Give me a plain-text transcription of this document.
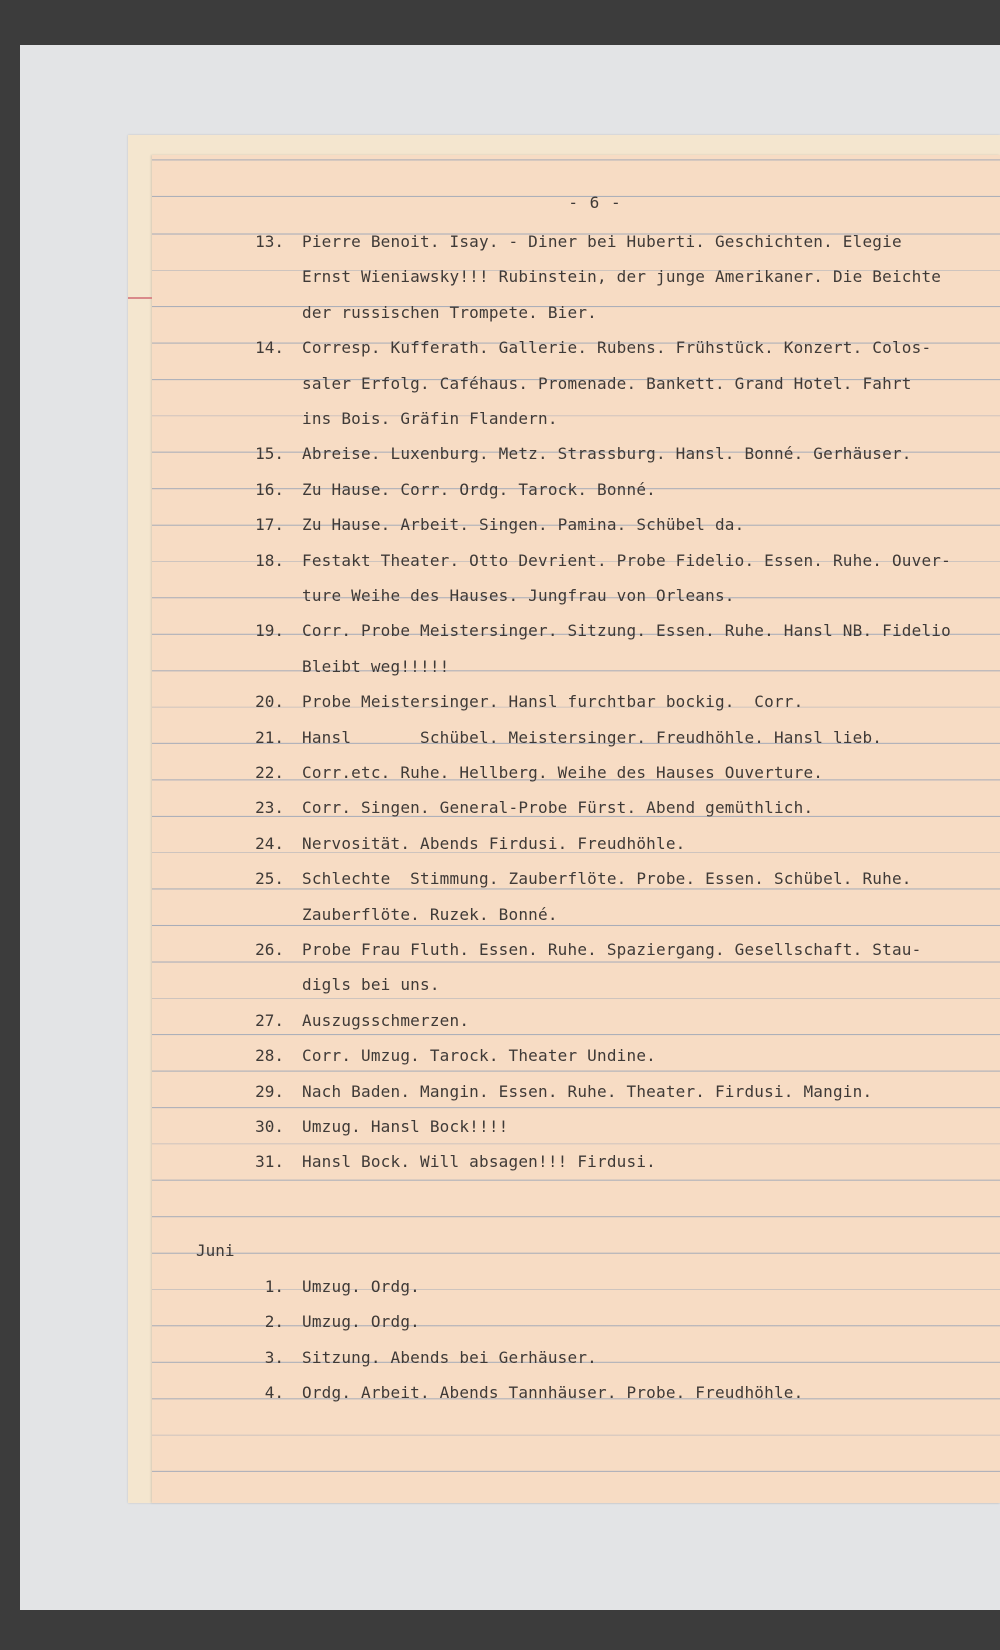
- 6 -
13. Pierre Benoit. Isay. - Diner bei Huberti. Geschichten. Elegie
Ernst Wieniawsky!!! Rubinstein, der junge Amerikaner. Die Beichte
der russischen Trompete. Bier.
14. Corresp. Kufferath. Gallerie. Rubens. Frühstück. Konzert. Colos-
saler Erfolg. Caféhaus. Promenade. Bankett. Grand Hotel. Fahrt
ins Bois. Gräfin Flandern.
15. Abreise. Luxenburg. Metz. Strassburg. Hansl. Bonné. Gerhäuser.
16. Zu Hause. Corr. Ordg. Tarock. Bonné.
17. Zu Hause. Arbeit. Singen. Pamina. Schübel da.
18. Festakt Theater. Otto Devrient. Probe Fidelio. Essen. Ruhe. Ouver-
ture Weihe des Hauses. Jungfrau von Orleans.
19. Corr. Probe Meistersinger. Sitzung. Essen. Ruhe. Hansl NB. Fidelio
Bleibt weg!!!!!
20. Probe Meistersinger. Hansl furchtbar bockig.  Corr.
21. Hansl       Schübel. Meistersinger. Freudhöhle. Hansl lieb.
22. Corr.etc. Ruhe. Hellberg. Weihe des Hauses Ouverture.
23. Corr. Singen. General-Probe Fürst. Abend gemüthlich.
24. Nervosität. Abends Firdusi. Freudhöhle.
25. Schlechte  Stimmung. Zauberflöte. Probe. Essen. Schübel. Ruhe.
Zauberflöte. Ruzek. Bonné.
26. Probe Frau Fluth. Essen. Ruhe. Spaziergang. Gesellschaft. Stau-
digls bei uns.
27. Auszugsschmerzen.
28. Corr. Umzug. Tarock. Theater Undine.
29. Nach Baden. Mangin. Essen. Ruhe. Theater. Firdusi. Mangin.
30. Umzug. Hansl Bock!!!!
31. Hansl Bock. Will absagen!!! Firdusi.
1. Umzug. Ordg.
2. Umzug. Ordg.
3. Sitzung. Abends bei Gerhäuser.
4. Ordg. Arbeit. Abends Tannhäuser. Probe. Freudhöhle.
Juni
